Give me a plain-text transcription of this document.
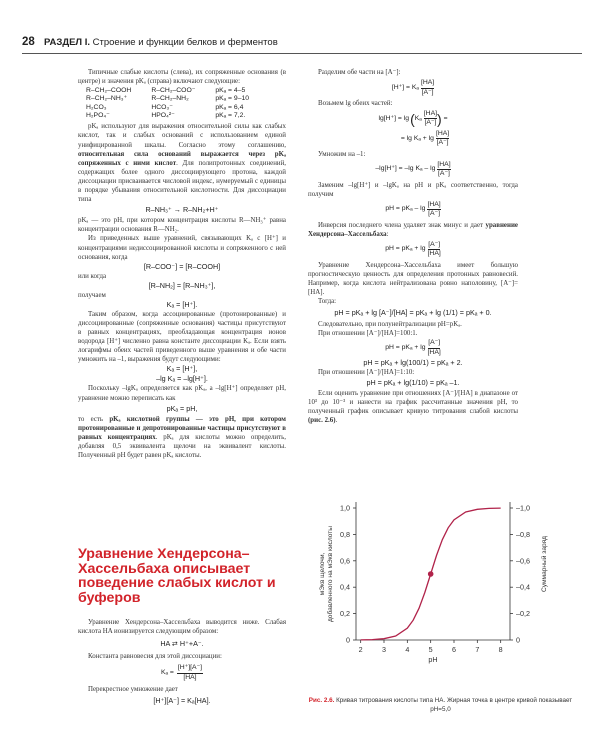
28 РАЗДЕЛ I. Строение и функции белков и ферментов

Типичные слабые кислоты (слева), их сопряженные основания (в центре) и значения pKₐ (справа) включают следующие:

R–CH₂–COOH	R–CH₂–COO⁻	pKₐ = 4–5
R–CH₂–NH₃⁺	R–CH₂–NH₂	pKₐ = 9–10
H₂CO₃	HCO₃⁻	pKₐ = 6,4
H₂PO₄⁻	HPO₄²⁻	pKₐ = 7,2.

pKₐ используют для выражения относительной силы как слабых кислот, так и слабых оснований с использованием единой унифицированной шкалы. Согласно этому соглашению, относительная сила оснований выражается через pKₐ сопряженных с ними кислот. Для полипротонных соединений, содержащих более одного диссоциирующего протона, каждой диссоциации присваивается числовой индекс, нумеруемый с единицы в порядке убывания относительной кислотности. Для диссоциации типа

R–NH₃⁺ → R–NH₂+H⁺

pKₐ — это pH, при котором концентрация кислоты R—NH₃⁺ равна концентрации основания R—NH₂.

Из приведенных выше уравнений, связывающих Kₐ с [H⁺] и концентрациями недиссоциированной кислоты и сопряженного с ней основания, когда

[R–COO⁻] = [R–COOH]

или когда

[R–NH₂] = [R–NH₃⁺],

получаем

Kₐ = [H⁺].

Таким образом, когда ассоциированные (протонированные) и диссоциированные (сопряженные основания) частицы присутствуют в равных концентрациях, преобладающая концентрация ионов водорода [H⁺] численно равна константе диссоциации Kₐ. Если взять логарифмы обеих частей приведенного выше уравнения и обе части умножить на –1, выражения будут следующими:

Kₐ = [H⁺],
–lg Kₐ = –lg[H⁺].

Поскольку –lgKₐ определяется как pKₐ, а –lg[H⁺] определяет pH, уравнение можно переписать как

pKₐ = pH,

то есть pKₐ кислотной группы — это pH, при котором протонированные и депротонированные частицы присутствуют в равных концентрациях. pKₐ для кислоты можно определить, добавляя 0,5 эквивалента щелочи на эквивалент кислоты. Полученный pH будет равен pKₐ кислоты.

Уравнение Хендерсона–Хассельбаха описывает поведение слабых кислот и буферов

Уравнение Хендерсона–Хассельбаха выводится ниже. Слабая кислота HA ионизируется следующим образом:

HA ⇄ H⁺+A⁻.

Константа равновесия для этой диссоциации:

$K_a = \frac{[H^+][A^-]}{[HA]}$

Перекрестное умножение дает

[H⁺][A⁻] = Kₐ[HA].

Разделим обе части на [A⁻]:

[H⁺] = Kₐ
[HA]
[A⁻]

Возьмем lg обеих частей:

lg[H⁺] = lg ( Kₐ
[HA]
[A⁻] ) =
= lg Kₐ + lg
[HA]
[A⁻]

Умножим на –1:

–lg[H⁺] = –lg Kₐ – lg
[HA]
[A⁻]

Заменим –lg[H⁺] и –lgKₐ на pH и pKₐ соответственно, тогда получим

pH = pKₐ – lg
[HA]
[A⁻]

Инверсия последнего члена удаляет знак минус и дает уравнение Хендерсона–Хассельбаха:

pH = pKₐ + lg
[A⁻]
[HA]

Уравнение Хендерсона–Хассельбаха имеет большую прогностическую ценность для определения протонных равновесий. Например, когда кислота нейтрализована ровно наполовину, [A⁻]=[HA].

Тогда:

pH = pKₐ + lg [A⁻]/[HA] = pKₐ + lg (1/1) = pKₐ + 0.

Следовательно, при полунейтрализации pH=pKₐ.

При отношении [A⁻]/[HA]=100:1.

pH = pKₐ + lg
[A⁻]
[HA]
pH = pKₐ + lg(100/1) = pKₐ + 2.

При отношении [A⁻]/[HA]=1:10:

pH = pKₐ + lg(1/10) = pKₐ –1.

Если оценить уравнение при отношениях [A⁻]/[HA] в диапазоне от 10³ до 10⁻³ и нанести на график рассчитанные значения pH, то полученный график описывает кривую титрования слабой кислоты (рис. 2.6).

0	0
0,2	–0,2
0,4	–0,4
0,6	–0,6
0,8	–0,8
1,0	–1,0
2	3	4	5	6	7	8
pH
мЭкв щелочи, добавленного на мЭкв кислоты	Суммарный заряд
Рис. 2.6. Кривая титрования кислоты типа HA. Жирная точка в центре кривой показывает pH=5,0
